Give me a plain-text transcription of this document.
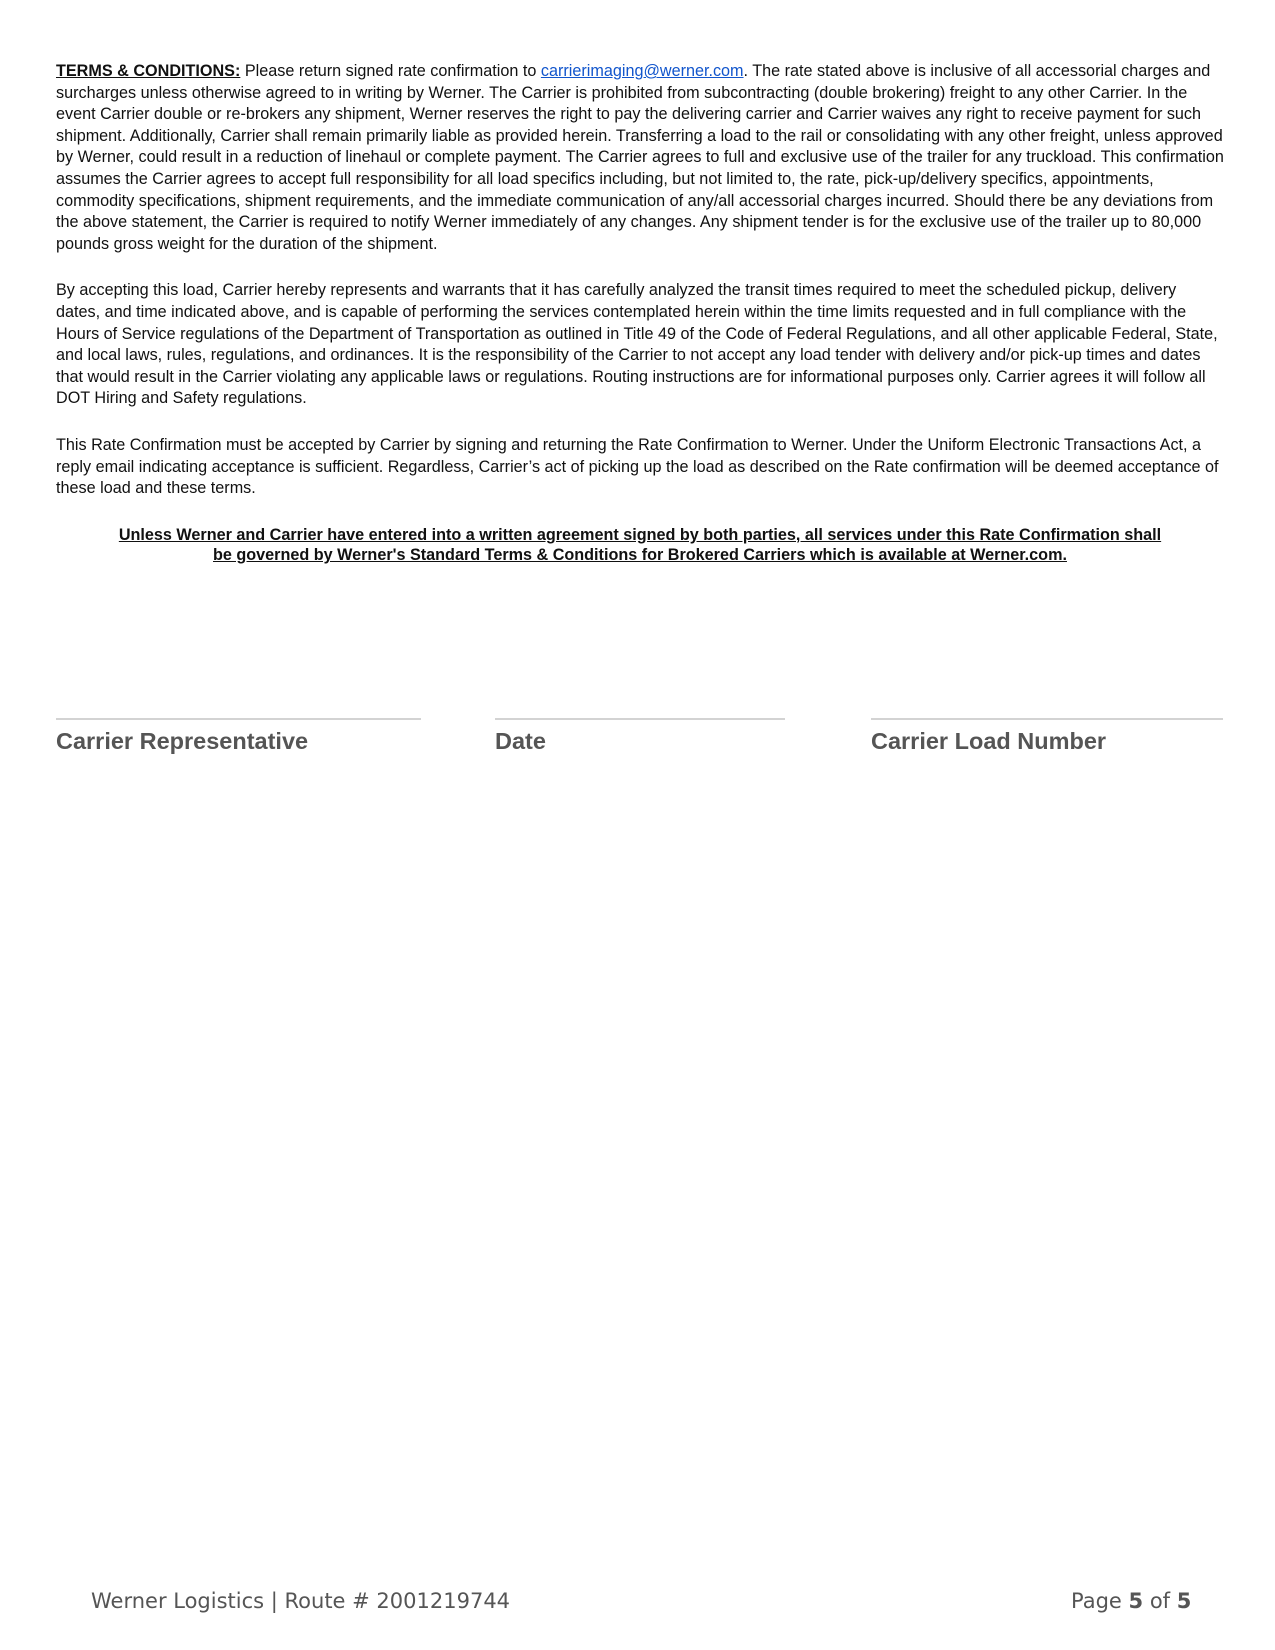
TERMS & CONDITIONS: Please return signed rate confirmation to carrierimaging@werner.com. The rate stated above is inclusive of all accessorial charges and surcharges unless otherwise agreed to in writing by Werner. The Carrier is prohibited from subcontracting (double brokering) freight to any other Carrier. In the event Carrier double or re-brokers any shipment, Werner reserves the right to pay the delivering carrier and Carrier waives any right to receive payment for such shipment. Additionally, Carrier shall remain primarily liable as provided herein. Transferring a load to the rail or consolidating with any other freight, unless approved by Werner, could result in a reduction of linehaul or complete payment. The Carrier agrees to full and exclusive use of the trailer for any truckload. This confirmation assumes the Carrier agrees to accept full responsibility for all load specifics including, but not limited to, the rate, pick-up/delivery specifics, appointments, commodity specifications, shipment requirements, and the immediate communication of any/all accessorial charges incurred. Should there be any deviations from the above statement, the Carrier is required to notify Werner immediately of any changes. Any shipment tender is for the exclusive use of the trailer up to 80,000 pounds gross weight for the duration of the shipment.

By accepting this load, Carrier hereby represents and warrants that it has carefully analyzed the transit times required to meet the scheduled pickup, delivery dates, and time indicated above, and is capable of performing the services contemplated herein within the time limits requested and in full compliance with the Hours of Service regulations of the Department of Transportation as outlined in Title 49 of the Code of Federal Regulations, and all other applicable Federal, State, and local laws, rules, regulations, and ordinances. It is the responsibility of the Carrier to not accept any load tender with delivery and/or pick-up times and dates that would result in the Carrier violating any applicable laws or regulations. Routing instructions are for informational purposes only. Carrier agrees it will follow all DOT Hiring and Safety regulations.

This Rate Confirmation must be accepted by Carrier by signing and returning the Rate Confirmation to Werner. Under the Uniform Electronic Transactions Act, a reply email indicating acceptance is sufficient. Regardless, Carrier’s act of picking up the load as described on the Rate confirmation will be deemed acceptance of these load and these terms.

Unless Werner and Carrier have entered into a written agreement signed by both parties, all services under this Rate Confirmation shall
be governed by Werner's Standard Terms & Conditions for Brokered Carriers which is available at Werner.com.
Carrier Representative	Date	Carrier Load Number
Werner Logistics | Route # 2001219744	Page 5 of 5
